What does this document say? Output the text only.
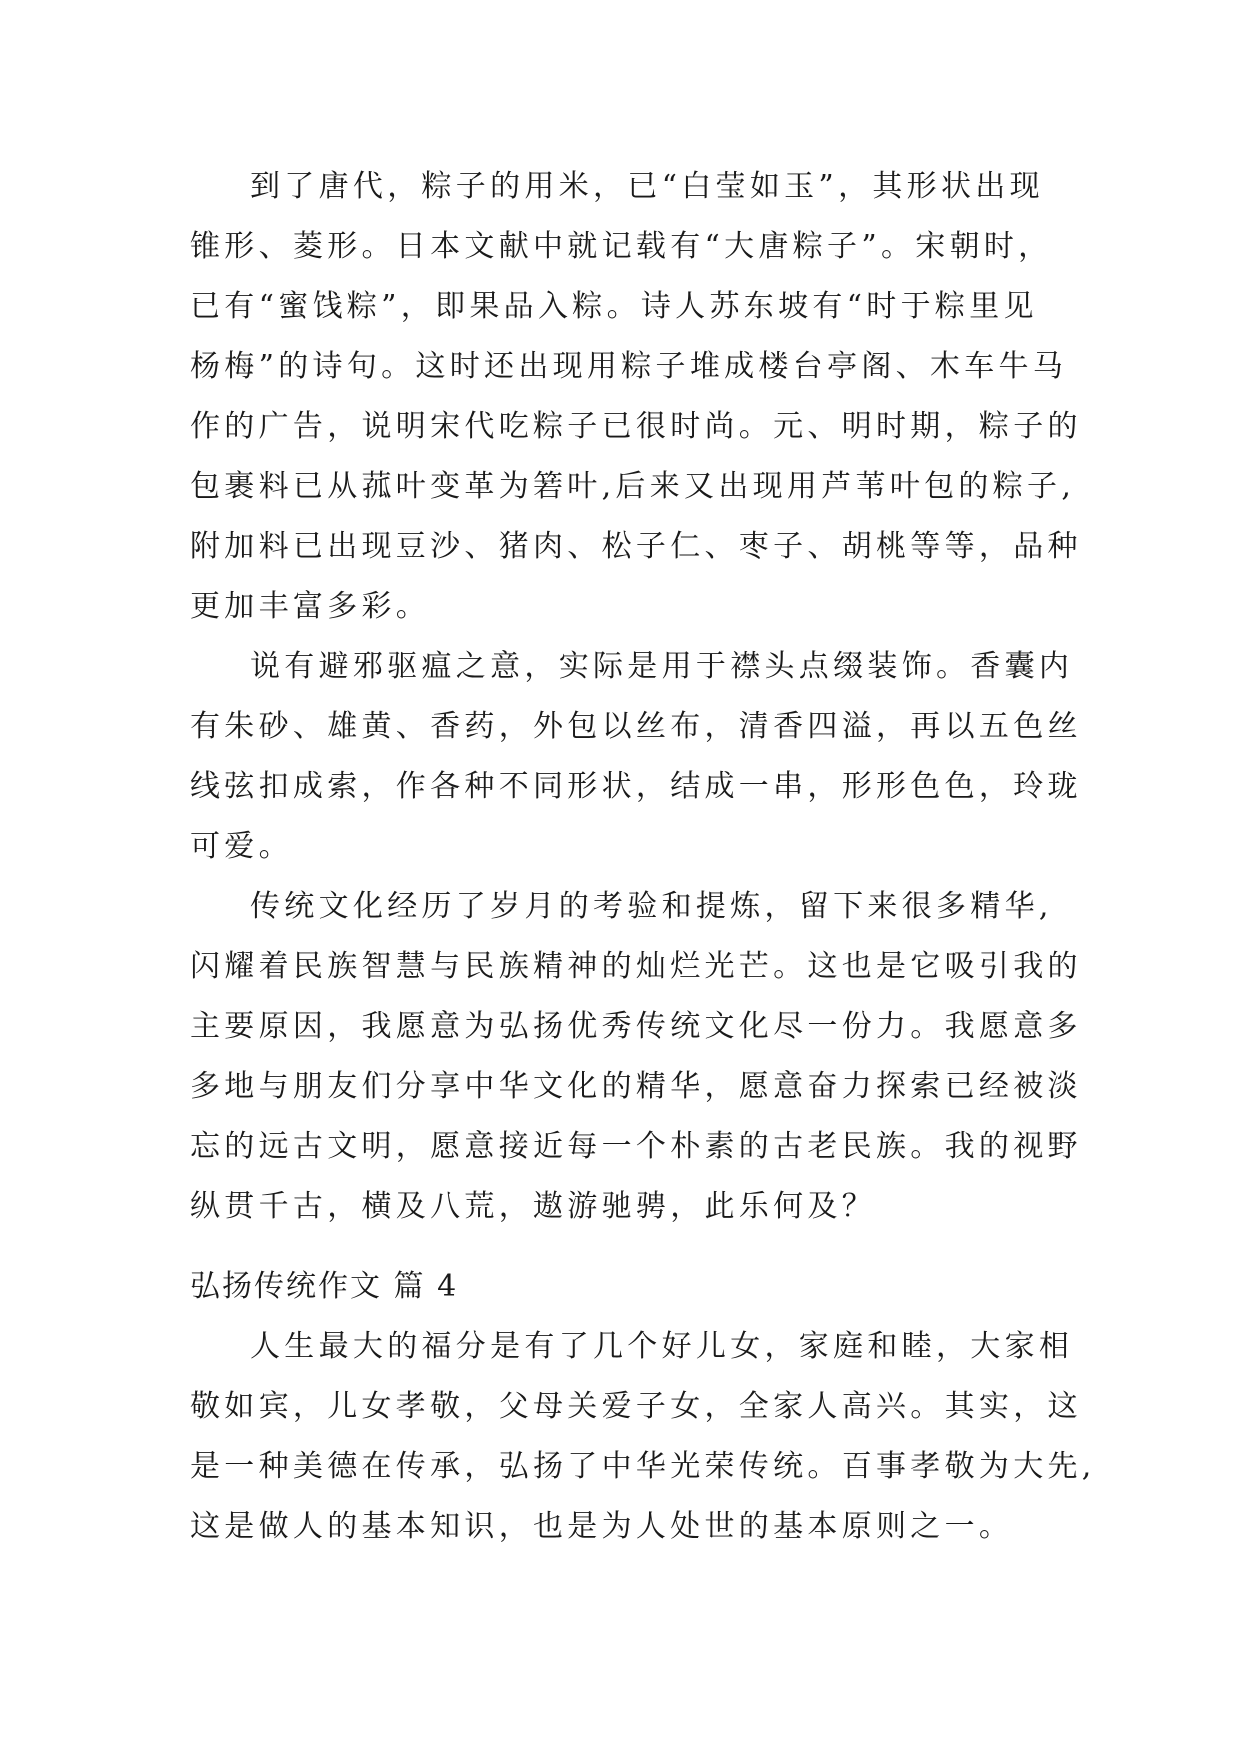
到了唐代，粽子的用米，已“白莹如玉”，其形状出现
锥形、菱形。日本文献中就记载有“大唐粽子”。宋朝时，
已有“蜜饯粽”，即果品入粽。诗人苏东坡有“时于粽里见
杨梅”的诗句。这时还出现用粽子堆成楼台亭阁、木车牛马
作的广告，说明宋代吃粽子已很时尚。元、明时期，粽子的
包裹料已从菰叶变革为箬叶,后来又出现用芦苇叶包的粽子,
附加料已出现豆沙、猪肉、松子仁、枣子、胡桃等等，品种
更加丰富多彩。
说有避邪驱瘟之意，实际是用于襟头点缀装饰。香囊内
有朱砂、雄黄、香药，外包以丝布，清香四溢，再以五色丝
线弦扣成索，作各种不同形状，结成一串，形形色色，玲珑
可爱。
传统文化经历了岁月的考验和提炼，留下来很多精华,
闪耀着民族智慧与民族精神的灿烂光芒。这也是它吸引我的
主要原因，我愿意为弘扬优秀传统文化尽一份力。我愿意多
多地与朋友们分享中华文化的精华，愿意奋力探索已经被淡
忘的远古文明，愿意接近每一个朴素的古老民族。我的视野
纵贯千古，横及八荒，遨游驰骋，此乐何及？
弘扬传统作文 篇 4
人生最大的福分是有了几个好儿女，家庭和睦，大家相
敬如宾，儿女孝敬，父母关爱子女，全家人高兴。其实，这
是一种美德在传承，弘扬了中华光荣传统。百事孝敬为大先,
这是做人的基本知识，也是为人处世的基本原则之一。
